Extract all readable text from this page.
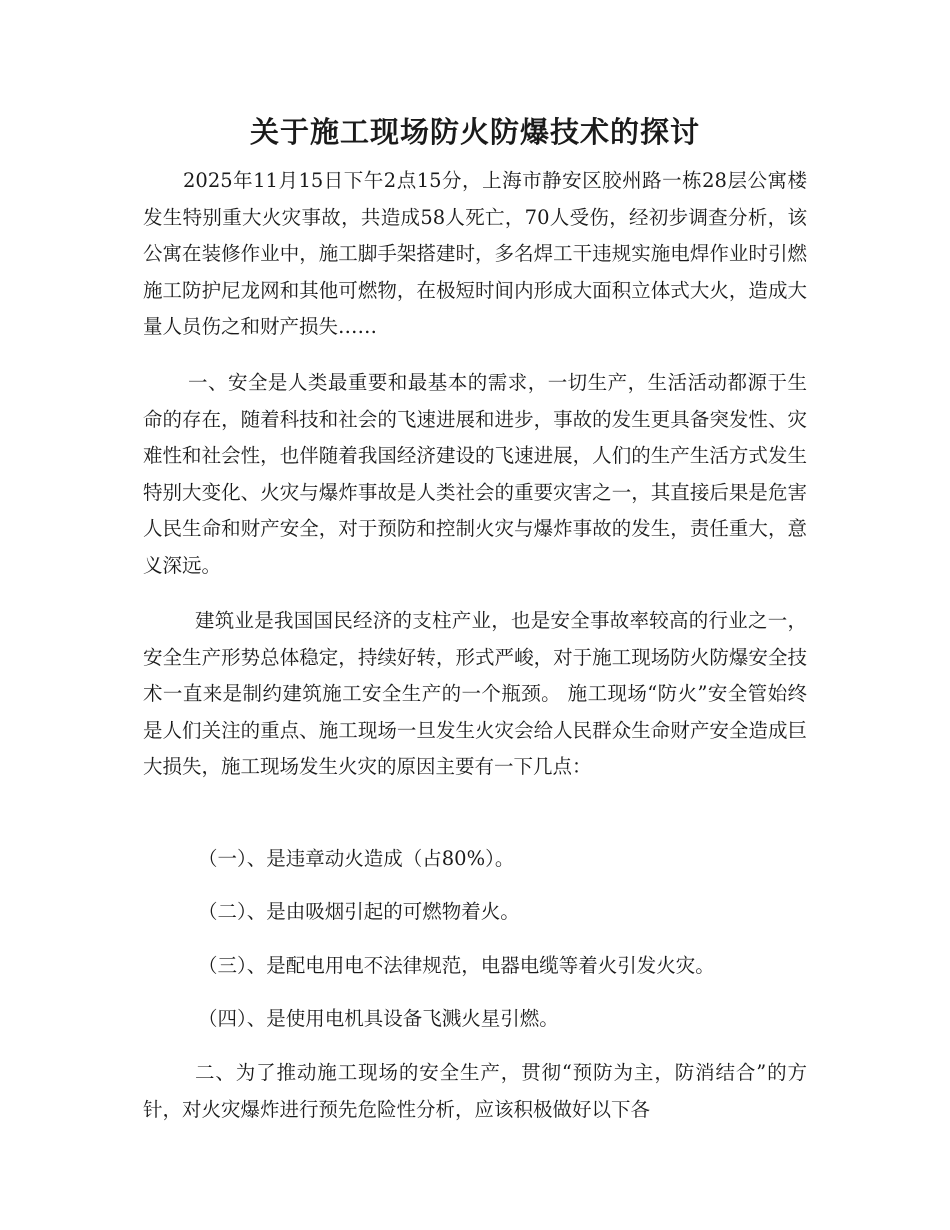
关于施工现场防火防爆技术的探讨

2025年11月15日下午2点15分，上海市静安区胶州路一栋28层公寓楼发生特别重大火灾事故，共造成58人死亡，70人受伤，经初步调查分析，该公寓在装修作业中，施工脚手架搭建时，多名焊工干违规实施电焊作业时引燃施工防护尼龙网和其他可燃物，在极短时间内形成大面积立体式大火，造成大量人员伤之和财产损失……

一、安全是人类最重要和最基本的需求，一切生产，生活活动都源于生命的存在，随着科技和社会的飞速进展和进步，事故的发生更具备突发性、灾难性和社会性，也伴随着我国经济建设的飞速进展，人们的生产生活方式发生特别大变化、火灾与爆炸事故是人类社会的重要灾害之一，其直接后果是危害人民生命和财产安全，对于预防和控制火灾与爆炸事故的发生，责任重大，意义深远。

建筑业是我国国民经济的支柱产业，也是安全事故率较高的行业之一，安全生产形势总体稳定，持续好转，形式严峻，对于施工现场防火防爆安全技术一直来是制约建筑施工安全生产的一个瓶颈。 施工现场“防火”安全管始终是人们关注的重点、施工现场一旦发生火灾会给人民群众生命财产安全造成巨大损失，施工现场发生火灾的原因主要有一下几点：

（一）、是违章动火造成（占80%）。

（二）、是由吸烟引起的可燃物着火。

（三）、是配电用电不法律规范，电器电缆等着火引发火灾。

（四）、是使用电机具设备飞溅火星引燃。

二、为了推动施工现场的安全生产，贯彻“预防为主，防消结合”的方针，对火灾爆炸进行预先危险性分析，应该积极做好以下各
